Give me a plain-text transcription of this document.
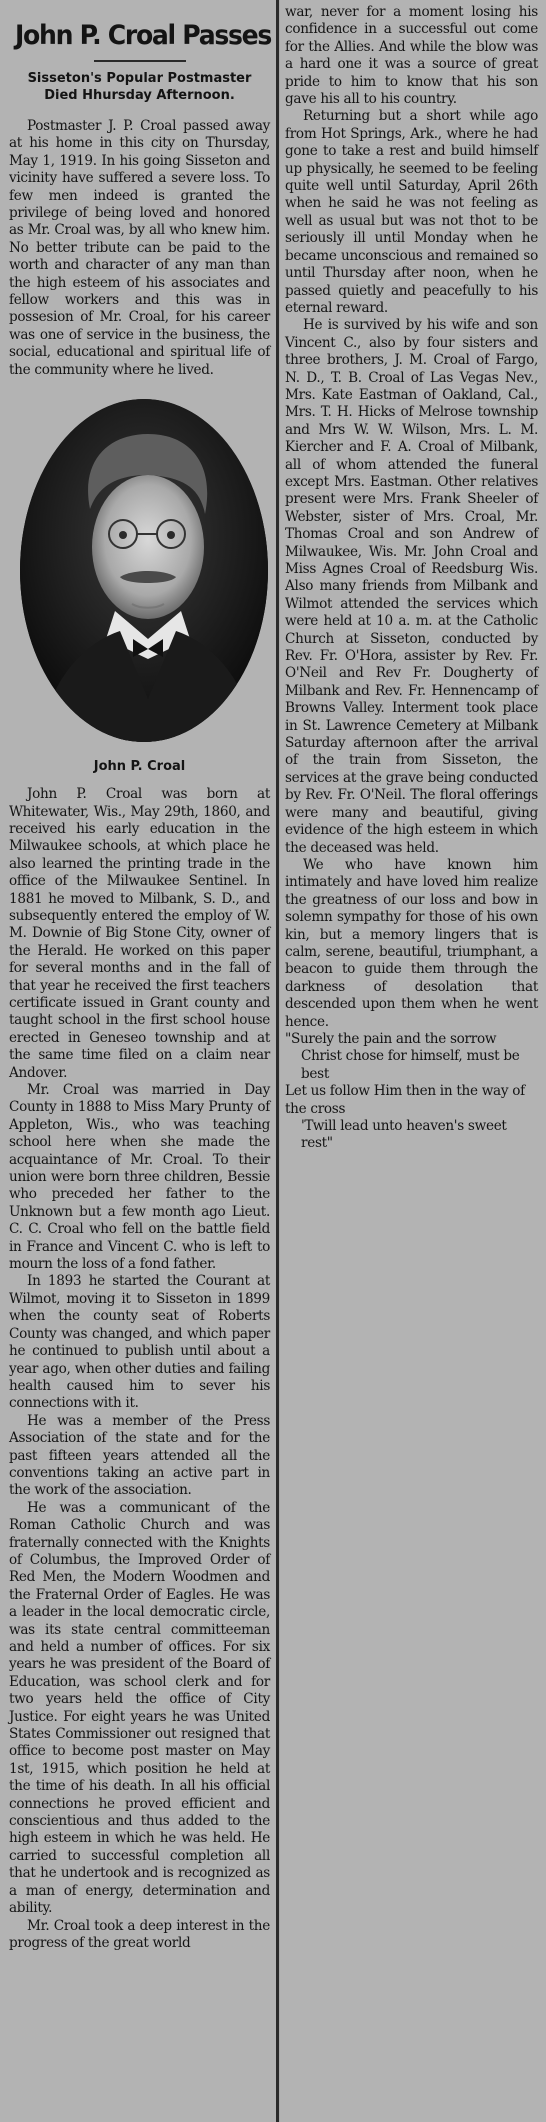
John P. Croal Passes
Sisseton's Popular Postmaster
Died Hhursday Afternoon.

Postmaster J. P. Croal passed away at his home in this city on Thursday, May 1, 1919. In his going Sisseton and vicinity have suffered a severe loss. To few men indeed is granted the privilege of being loved and honored as Mr. Croal was, by all who knew him. No better tribute can be paid to the worth and character of any man than the high esteem of his associates and fellow workers and this was in possesion of Mr. Croal, for his career was one of service in the business, the social, educational and spiritual life of the community where he lived.

John P. Croal

John P. Croal was born at Whitewater, Wis., May 29th, 1860, and received his early education in the Milwaukee schools, at which place he also learned the printing trade in the office of the Milwaukee Sentinel. In 1881 he moved to Milbank, S. D., and subsequently entered the employ of W. M. Downie of Big Stone City, owner of the Herald. He worked on this paper for several months and in the fall of that year he received the first teachers certificate issued in Grant county and taught school in the first school house erected in Geneseo township and at the same time filed on a claim near Andover.

Mr. Croal was married in Day County in 1888 to Miss Mary Prunty of Appleton, Wis., who was teaching school here when she made the acquaintance of Mr. Croal. To their union were born three children, Bessie who preceded her father to the Unknown but a few month ago Lieut. C. C. Croal who fell on the battle field in France and Vincent C. who is left to mourn the loss of a fond father.

In 1893 he started the Courant at Wilmot, moving it to Sisseton in 1899 when the county seat of Roberts County was changed, and which paper he continued to publish until about a year ago, when other duties and failing health caused him to sever his connections with it.

He was a member of the Press Association of the state and for the past fifteen years attended all the conventions taking an active part in the work of the association.

He was a communicant of the Roman Catholic Church and was fraternally connected with the Knights of Columbus, the Improved Order of Red Men, the Modern Woodmen and the Fraternal Order of Eagles. He was a leader in the local democratic circle, was its state central committeeman and held a number of offices. For six years he was president of the Board of Education, was school clerk and for two years held the office of City Justice. For eight years he was United States Commissioner out resigned that office to become post master on May 1st, 1915, which position he held at the time of his death. In all his official connections he proved efficient and conscientious and thus added to the high esteem in which he was held. He carried to successful completion all that he undertook and is recognized as a man of energy, determination and ability.

Mr. Croal took a deep interest in the progress of the great world

war, never for a moment losing his confidence in a successful out come for the Allies. And while the blow was a hard one it was a source of great pride to him to know that his son gave his all to his country.

Returning but a short while ago from Hot Springs, Ark., where he had gone to take a rest and build himself up physically, he seemed to be feeling quite well until Saturday, April 26th when he said he was not feeling as well as usual but was not thot to be seriously ill until Monday when he became unconscious and remained so until Thursday after noon, when he passed quietly and peacefully to his eternal reward.

He is survived by his wife and son Vincent C., also by four sisters and three brothers, J. M. Croal of Fargo, N. D., T. B. Croal of Las Vegas Nev., Mrs. Kate Eastman of Oakland, Cal., Mrs. T. H. Hicks of Melrose township and Mrs W. W. Wilson, Mrs. L. M. Kiercher and F. A. Croal of Milbank, all of whom attended the funeral except Mrs. Eastman. Other relatives present were Mrs. Frank Sheeler of Webster, sister of Mrs. Croal, Mr. Thomas Croal and son Andrew of Milwaukee, Wis. Mr. John Croal and Miss Agnes Croal of Reedsburg Wis. Also many friends from Milbank and Wilmot attended the services which were held at 10 a. m. at the Catholic Church at Sisseton, conducted by Rev. Fr. O'Hora, assister by Rev. Fr. O'Neil and Rev Fr. Dougherty of Milbank and Rev. Fr. Hennencamp of Browns Valley. Interment took place in St. Lawrence Cemetery at Milbank Saturday afternoon after the arrival of the train from Sisseton, the services at the grave being conducted by Rev. Fr. O'Neil. The floral offerings were many and beautiful, giving evidence of the high esteem in which the deceased was held.

We who have known him intimately and have loved him realize the greatness of our loss and bow in solemn sympathy for those of his own kin, but a memory lingers that is calm, serene, beautiful, triumphant, a beacon to guide them through the darkness of desolation that descended upon them when he went hence.

"Surely the pain and the sorrow

Christ chose for himself, must be best

Let us follow Him then in the way of the cross

'Twill lead unto heaven's sweet rest"
